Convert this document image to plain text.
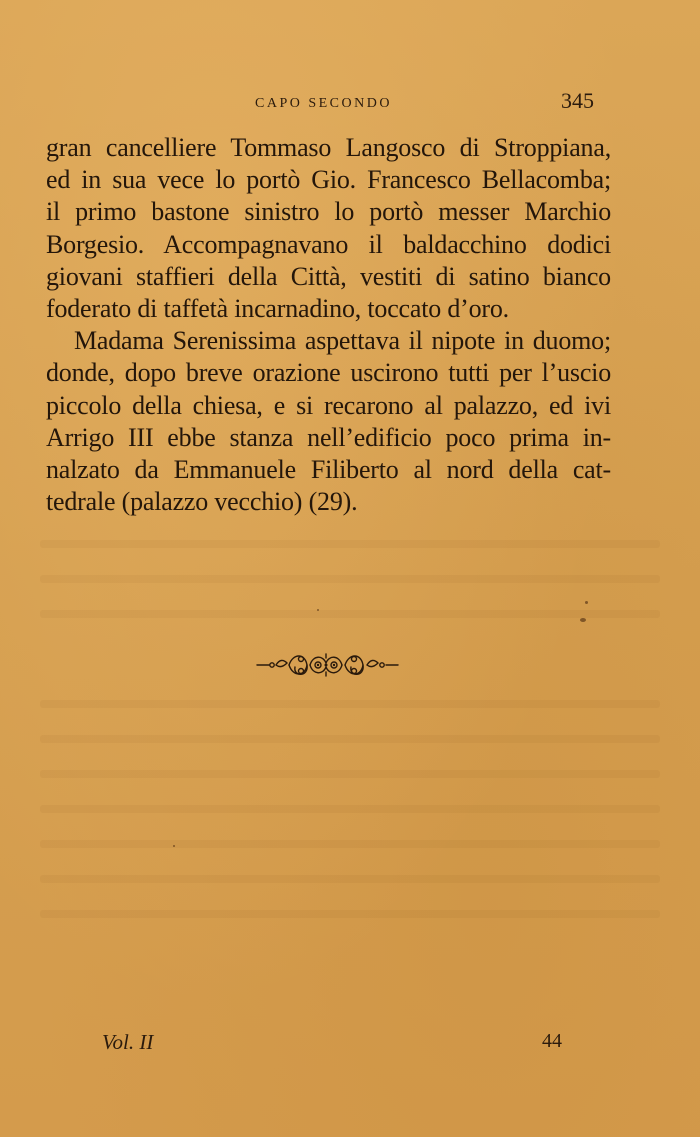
CAPO SECONDO	345
gran cancelliere Tommaso Langosco di Stroppiana,
ed in sua vece lo portò Gio. Francesco Bellacomba;
il primo bastone sinistro lo portò messer Marchio
Borgesio. Accompagnavano il baldacchino dodici
giovani staffieri della Città, vestiti di satino bianco
foderato di taffetà incarnadino, toccato d’oro.
Madama Serenissima aspettava il nipote in duomo;
donde, dopo breve orazione uscirono tutti per l’uscio
piccolo della chiesa, e si recarono al palazzo, ed ivi
Arrigo III ebbe stanza nell’edificio poco prima in-
nalzato da Emmanuele Filiberto al nord della cat-
tedrale (palazzo vecchio) (29).
Vol. II	44
